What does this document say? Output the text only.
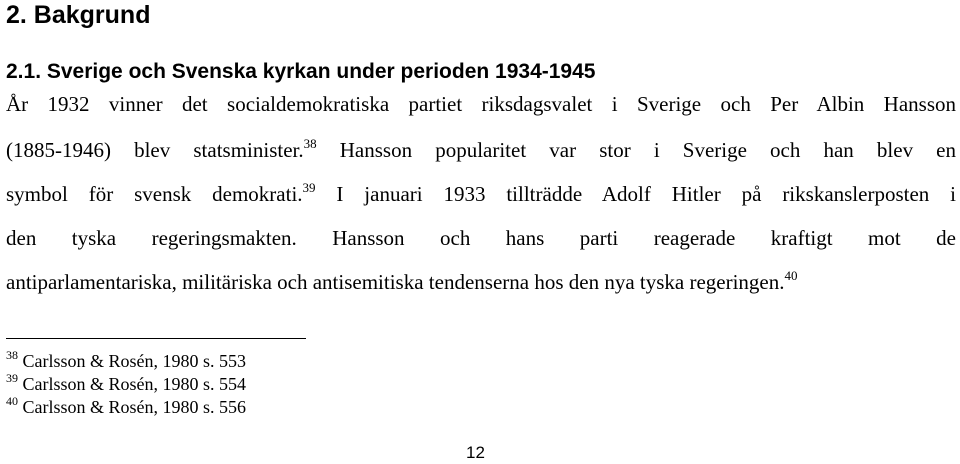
2. Bakgrund
2.1. Sverige och Svenska kyrkan under perioden 1934-1945
År 1932 vinner det socialdemokratiska partiet riksdagsvalet i Sverige och Per Albin Hansson
(1885-1946) blev statsminister.$^{38}$ Hansson popularitet var stor i Sverige och han blev en
symbol för svensk demokrati.$^{39}$ I januari 1933 tillträdde Adolf Hitler på rikskanslerposten i
den tyska regeringsmakten. Hansson och hans parti reagerade kraftigt mot de
antiparlamentariska, militäriska och antisemitiska tendenserna hos den nya tyska regeringen.$^{40}$
$^{38}$ Carlsson & Rosén, 1980 s. 553
$^{39}$ Carlsson & Rosén, 1980 s. 554
$^{40}$ Carlsson & Rosén, 1980 s. 556
12
